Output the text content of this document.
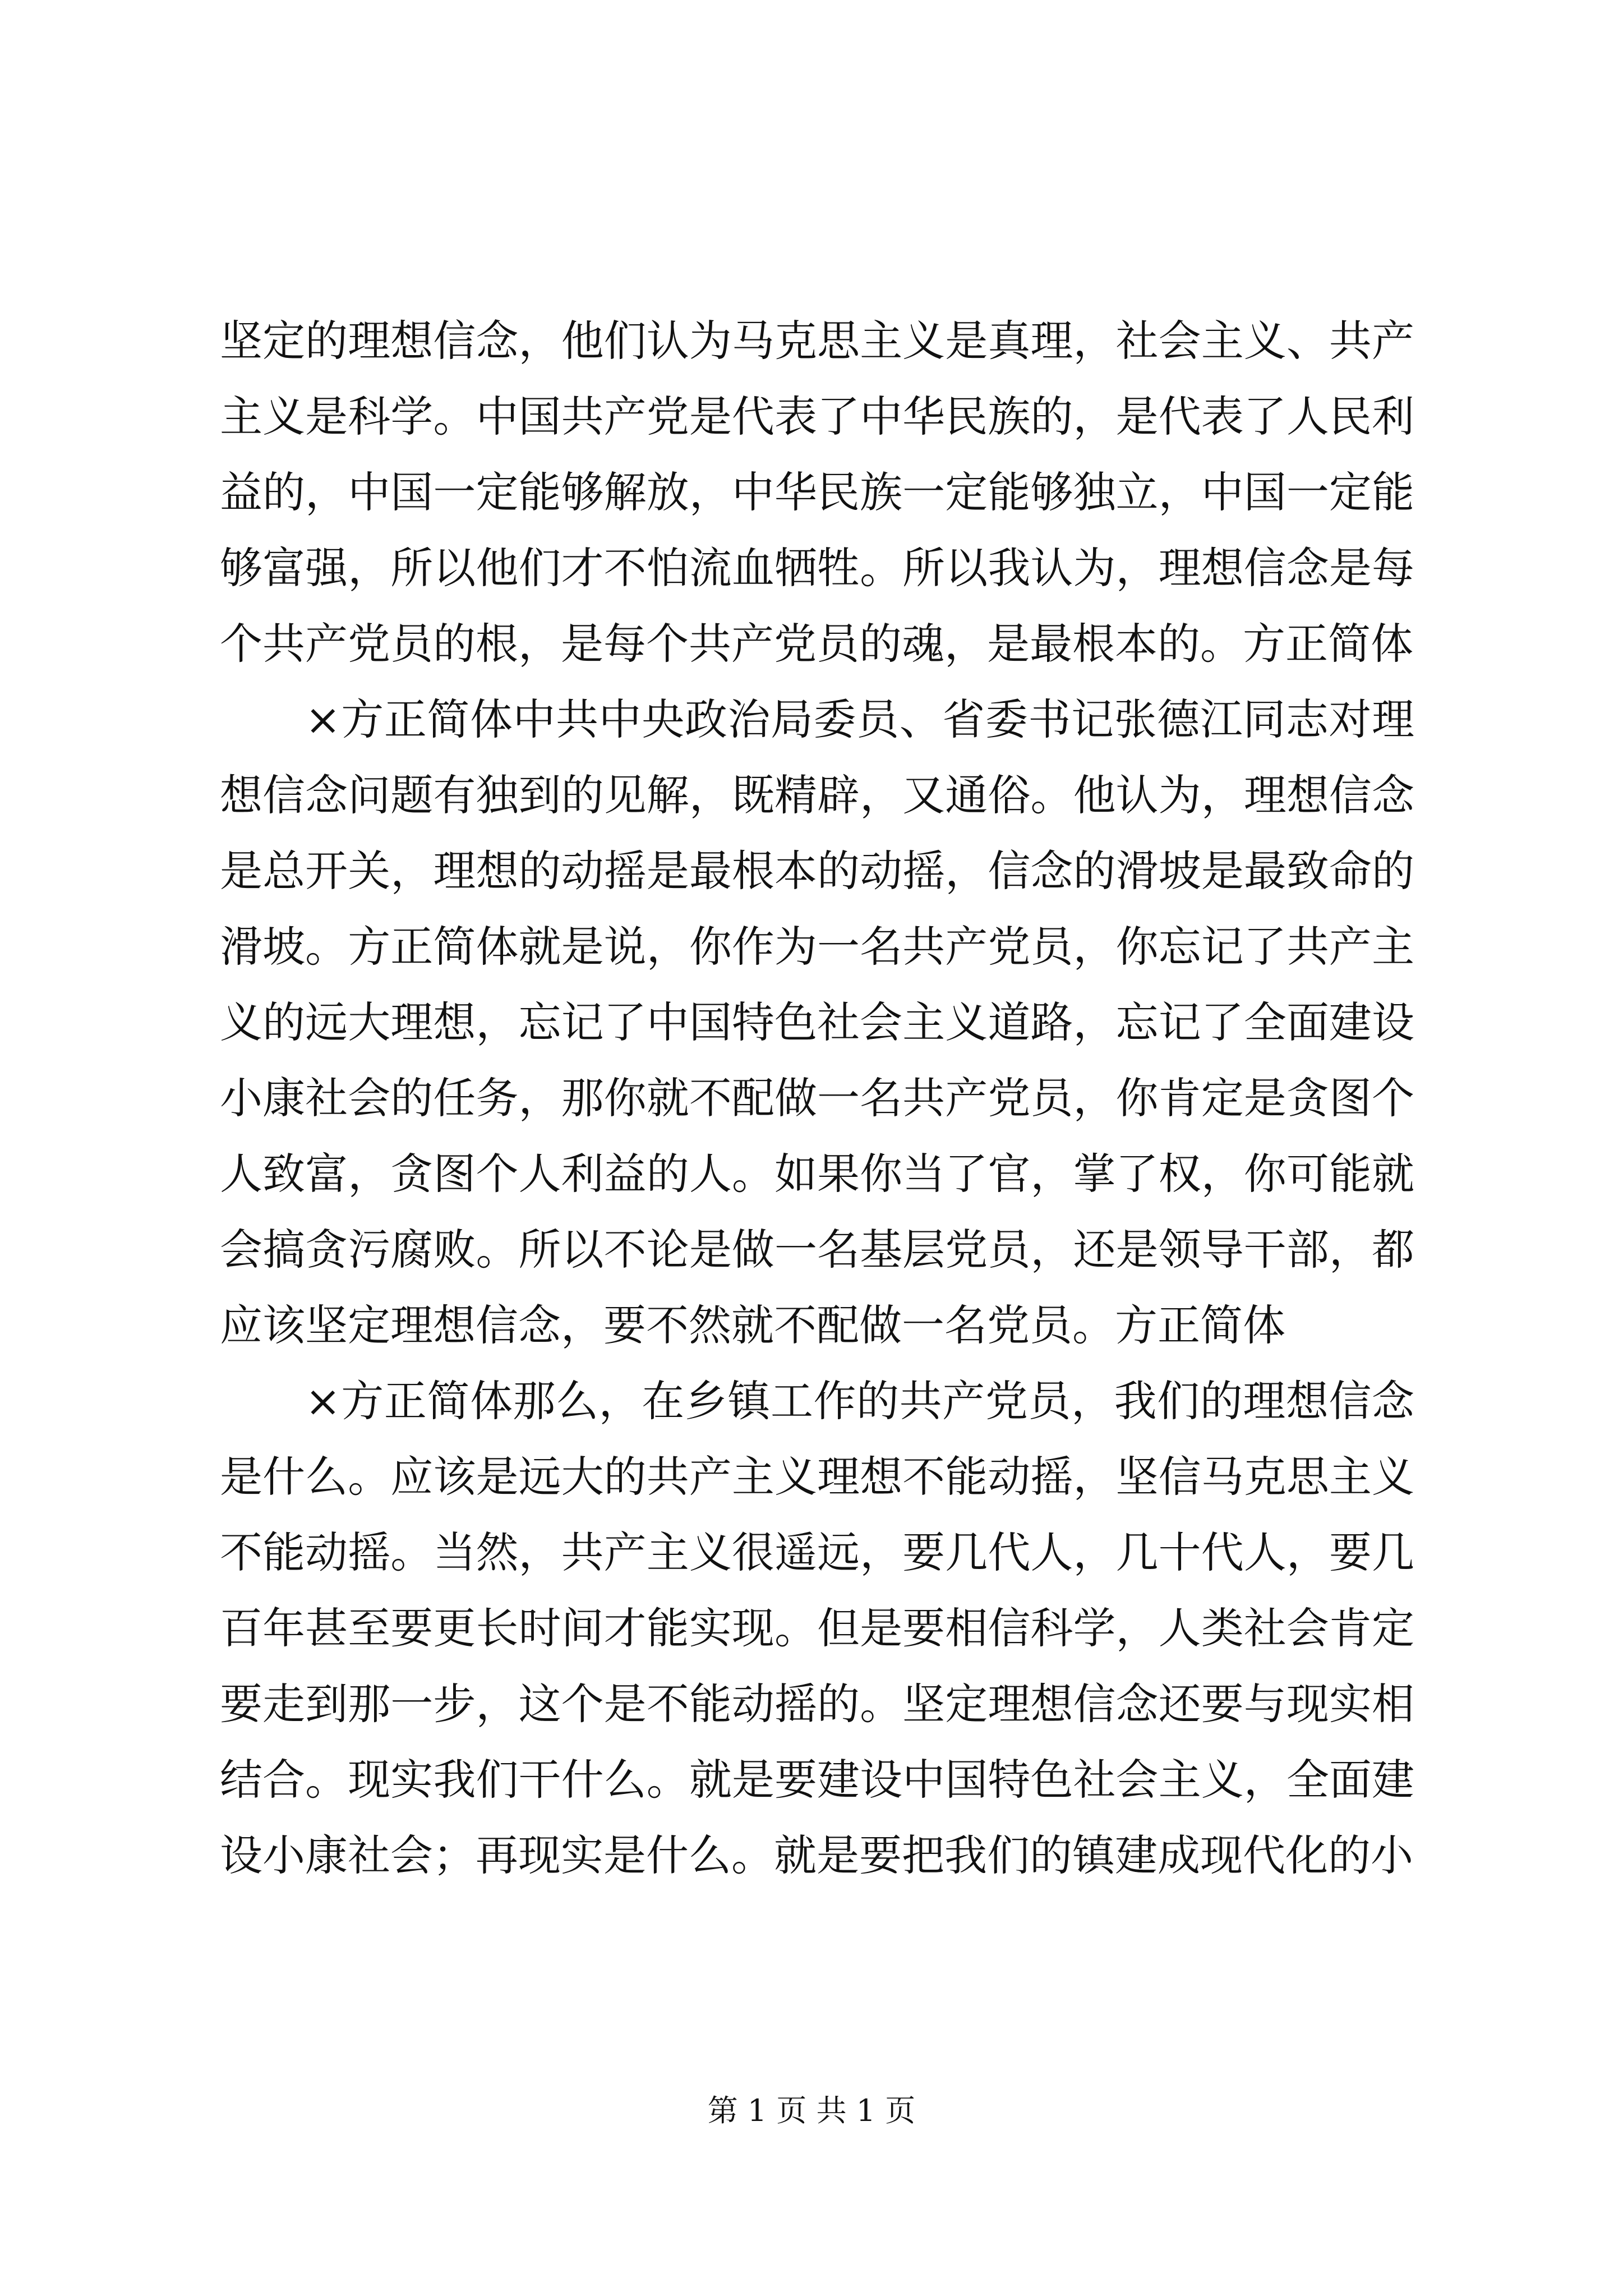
坚定的理想信念，他们认为马克思主义是真理，社会主义、共产主义是科学。中国共产党是代表了中华民族的，是代表了人民利益的，中国一定能够解放，中华民族一定能够独立，中国一定能够富强，所以他们才不怕流血牺牲。所以我认为，理想信念是每个共产党员的根，是每个共产党员的魂，是最根本的。方正简体

×方正简体中共中央政治局委员、省委书记张德江同志对理想信念问题有独到的见解，既精辟，又通俗。他认为，理想信念是总开关，理想的动摇是最根本的动摇，信念的滑坡是最致命的滑坡。方正简体就是说，你作为一名共产党员，你忘记了共产主义的远大理想，忘记了中国特色社会主义道路，忘记了全面建设小康社会的任务，那你就不配做一名共产党员，你肯定是贪图个人致富，贪图个人利益的人。如果你当了官，掌了权，你可能就会搞贪污腐败。所以不论是做一名基层党员，还是领导干部，都应该坚定理想信念，要不然就不配做一名党员。方正简体

×方正简体那么，在乡镇工作的共产党员，我们的理想信念是什么。应该是远大的共产主义理想不能动摇，坚信马克思主义不能动摇。当然，共产主义很遥远，要几代人，几十代人，要几百年甚至要更长时间才能实现。但是要相信科学，人类社会肯定要走到那一步，这个是不能动摇的。坚定理想信念还要与现实相结合。现实我们干什么。就是要建设中国特色社会主义，全面建设小康社会；再现实是什么。就是要把我们的镇建成现代化的小

第 1 页 共 1 页
